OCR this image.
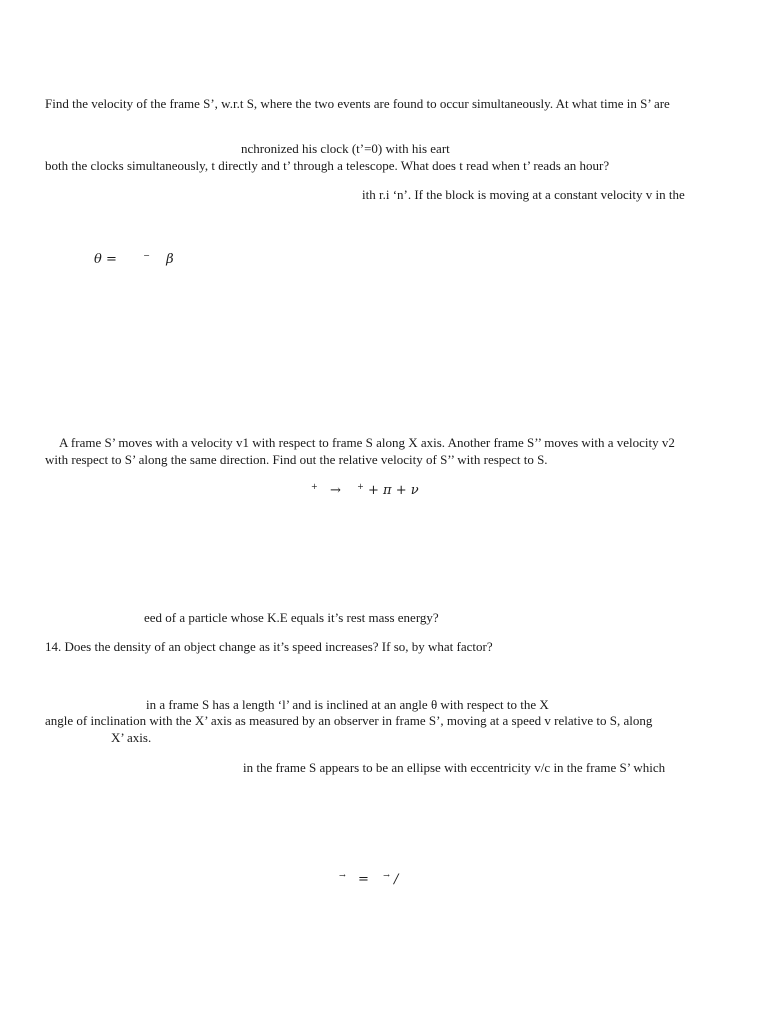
Find the velocity of the frame S’, w.r.t S, where the two events are found to occur simultaneously. At what time in S’ are
nchronized his clock (t’=0) with his eart
both the clocks simultaneously, t directly and t’ through a telescope. What does t read when t’ reads an hour?
ith r.i ‘n’. If the block is moving at a constant velocity v in the
θ =	− β
A frame S’ moves with a velocity v1 with respect to frame S along X axis. Another frame S’’ moves with a velocity v2
with respect to S’ along the same direction. Find out the relative velocity of S’’ with respect to S.
+ → + + π + ν
eed of a particle whose K.E equals it’s rest mass energy?
14. Does the density of an object change as it’s speed increases? If so, by what factor?
in a frame S has a length ‘l’ and is inclined at an angle θ with respect to the X
angle of inclination with the X’ axis as measured by an observer in frame S’, moving at a speed v relative to S, along
X’ axis.
in the frame S appears to be an ellipse with eccentricity v/c in the frame S’ which
→ = → /
